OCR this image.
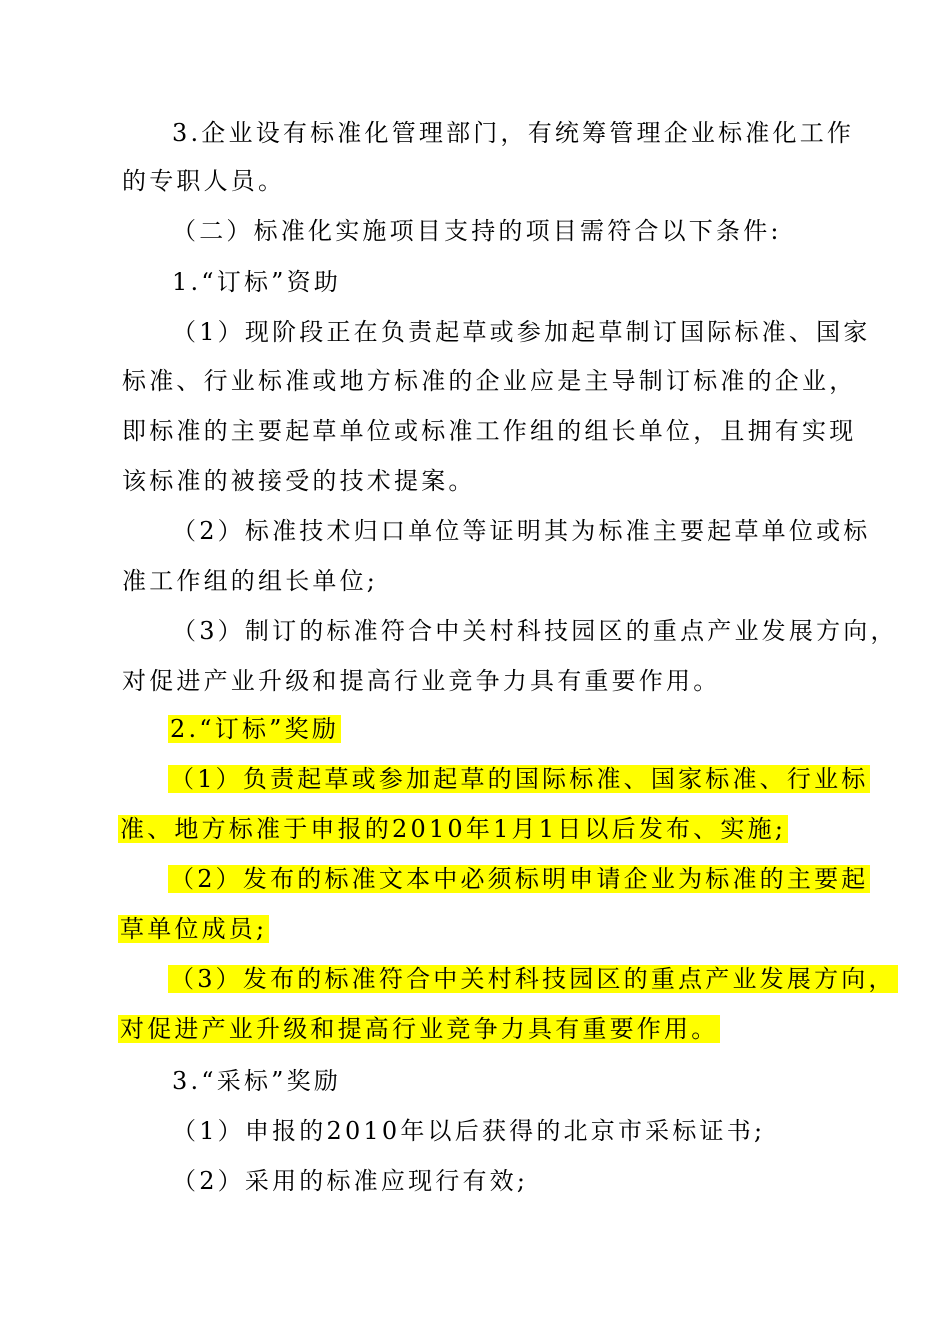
3.企业设有标准化管理部门，有统筹管理企业标准化工作
的专职人员。
（二）标准化实施项目支持的项目需符合以下条件:
1.“订标”资助
（1）现阶段正在负责起草或参加起草制订国际标准、国家
标准、行业标准或地方标准的企业应是主导制订标准的企业，
即标准的主要起草单位或标准工作组的组长单位，且拥有实现
该标准的被接受的技术提案。
（2）标准技术归口单位等证明其为标准主要起草单位或标
准工作组的组长单位;
（3）制订的标准符合中关村科技园区的重点产业发展方向，
对促进产业升级和提高行业竞争力具有重要作用。
2.“订标”奖励
（1）负责起草或参加起草的国际标准、国家标准、行业标
准、地方标准于申报的2010年1月1日以后发布、实施;
（2）发布的标准文本中必须标明申请企业为标准的主要起
草单位成员;
（3）发布的标准符合中关村科技园区的重点产业发展方向，
对促进产业升级和提高行业竞争力具有重要作用。
3.“采标”奖励
（1）申报的2010年以后获得的北京市采标证书;
（2）采用的标准应现行有效;
